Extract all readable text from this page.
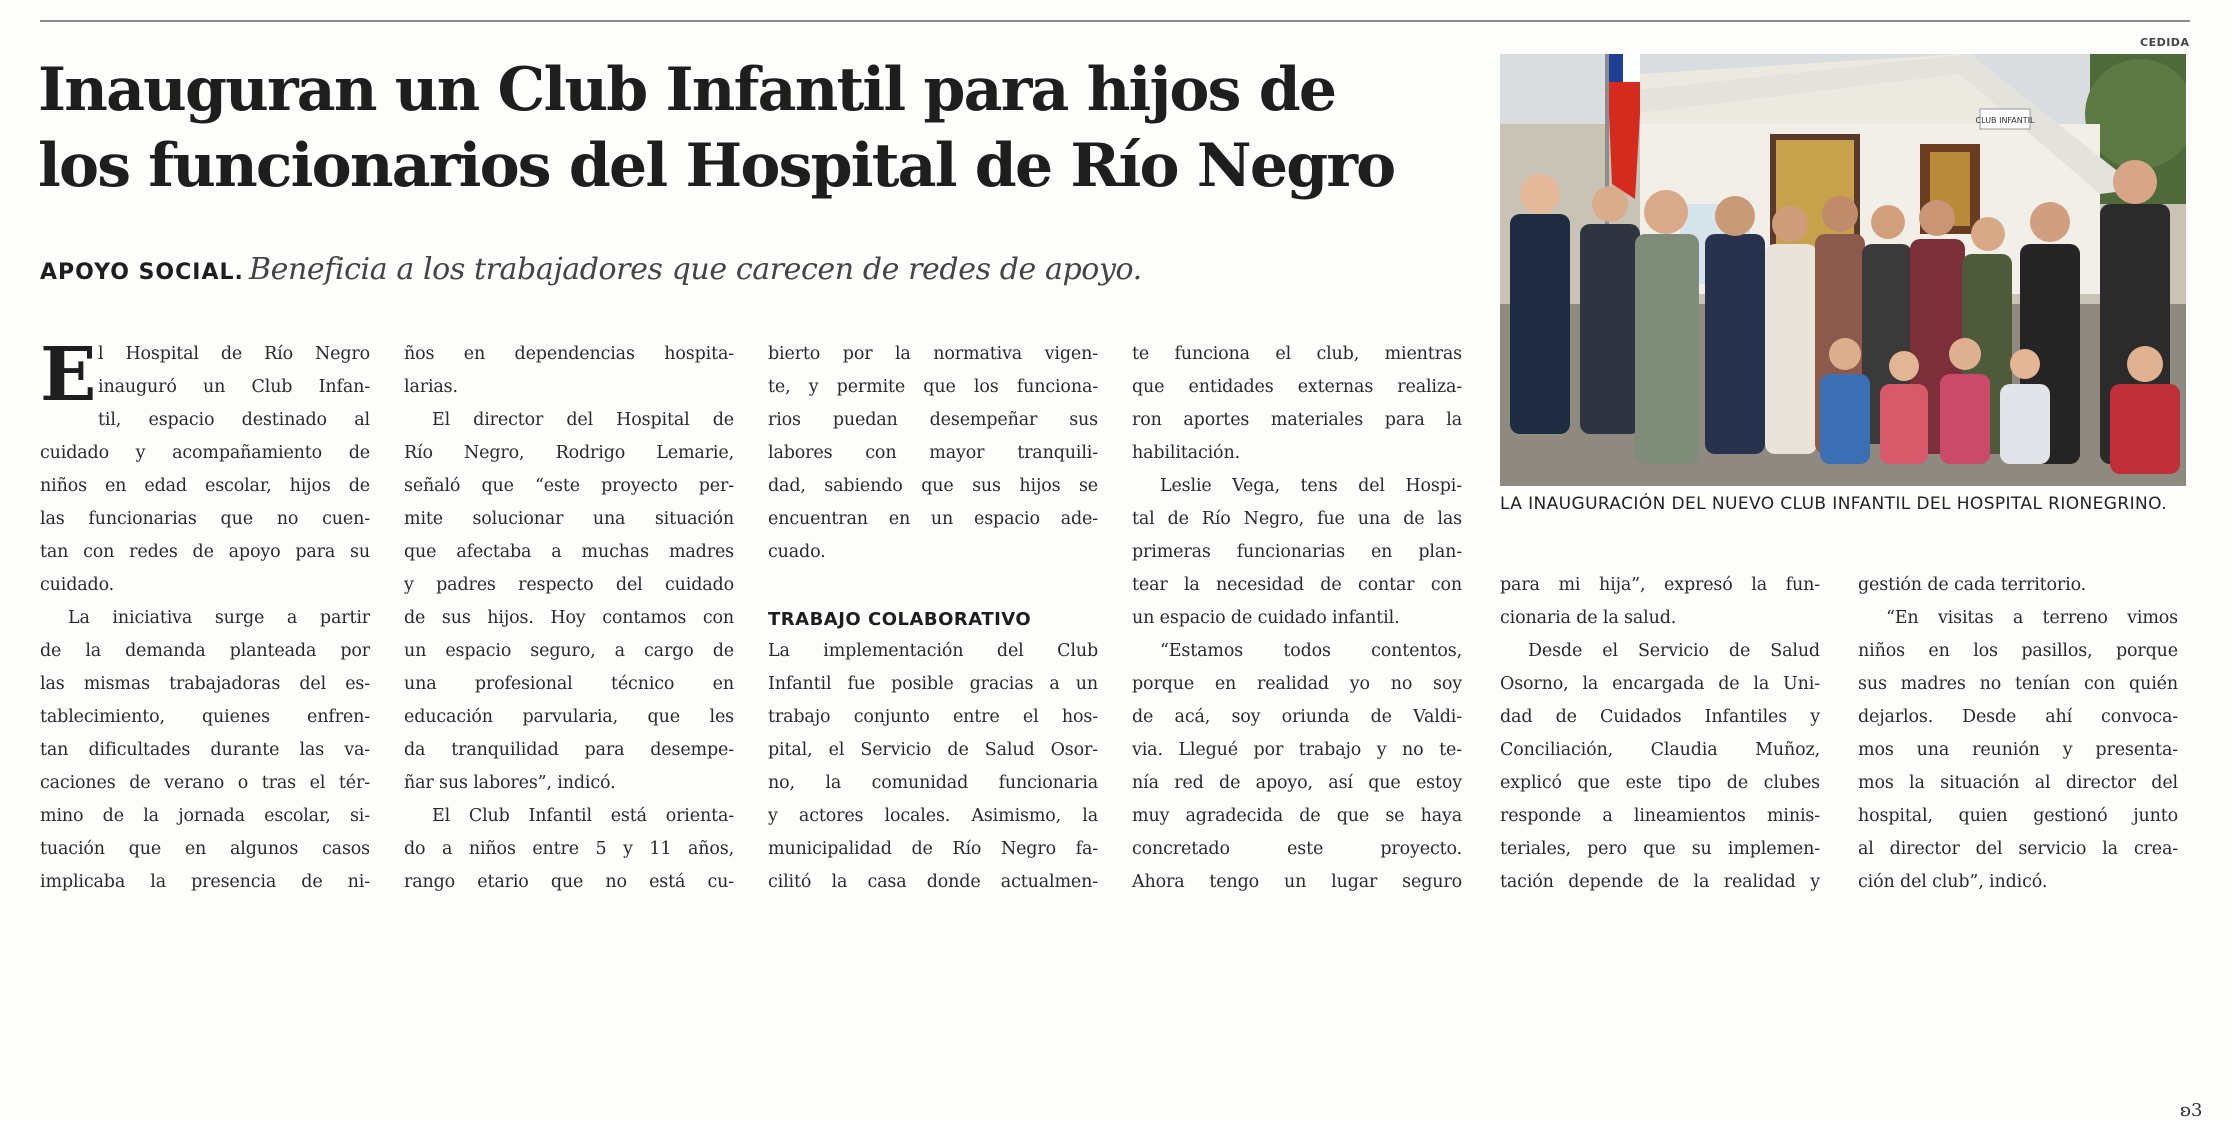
Inauguran un Club Infantil para hijos de
los funcionarios del Hospital de Río Negro
APOYO SOCIAL. Beneficia a los trabajadores que carecen de redes de apoyo.
E l Hospital de Río Negro
inauguró un Club Infan-
til, espacio destinado al
cuidado y acompañamiento de
niños en edad escolar, hijos de
las funcionarias que no cuen-
tan con redes de apoyo para su
cuidado.

La iniciativa surge a partir
de la demanda planteada por
las mismas trabajadoras del es-
tablecimiento, quienes enfren-
tan dificultades durante las va-
caciones de verano o tras el tér-
mino de la jornada escolar, si-
tuación que en algunos casos
implicaba la presencia de ni-

ños en dependencias hospita-
larias.

El director del Hospital de
Río Negro, Rodrigo Lemarie,
señaló que “este proyecto per-
mite solucionar una situación
que afectaba a muchas madres
y padres respecto del cuidado
de sus hijos. Hoy contamos con
un espacio seguro, a cargo de
una profesional técnico en
educación parvularia, que les
da tranquilidad para desempe-
ñar sus labores”, indicó.

El Club Infantil está orienta-
do a niños entre 5 y 11 años,
rango etario que no está cu-

bierto por la normativa vigen-
te, y permite que los funciona-
rios puedan desempeñar sus
labores con mayor tranquili-
dad, sabiendo que sus hijos se
encuentran en un espacio ade-
cuado.

TRABAJO COLABORATIVO

La implementación del Club
Infantil fue posible gracias a un
trabajo conjunto entre el hos-
pital, el Servicio de Salud Osor-
no, la comunidad funcionaria
y actores locales. Asimismo, la
municipalidad de Río Negro fa-
cilitó la casa donde actualmen-

te funciona el club, mientras
que entidades externas realiza-
ron aportes materiales para la
habilitación.

Leslie Vega, tens del Hospi-
tal de Río Negro, fue una de las
primeras funcionarias en plan-
tear la necesidad de contar con
un espacio de cuidado infantil.

“Estamos todos contentos,
porque en realidad yo no soy
de acá, soy oriunda de Valdi-
via. Llegué por trabajo y no te-
nía red de apoyo, así que estoy
muy agradecida de que se haya
concretado este proyecto.
Ahora tengo un lugar seguro

para mi hija”, expresó la fun-
cionaria de la salud.

Desde el Servicio de Salud
Osorno, la encargada de la Uni-
dad de Cuidados Infantiles y
Conciliación, Claudia Muñoz,
explicó que este tipo de clubes
responde a lineamientos minis-
teriales, pero que su implemen-
tación depende de la realidad y

gestión de cada territorio.

“En visitas a terreno vimos
niños en los pasillos, porque
sus madres no tenían con quién
dejarlos. Desde ahí convoca-
mos una reunión y presenta-
mos la situación al director del
hospital, quien gestionó junto
al director del servicio la crea-
ción del club”, indicó.

ʚ3
CEDIDA
CLUB INFANTIL
LA INAUGURACIÓN DEL NUEVO CLUB INFANTIL DEL HOSPITAL RIONEGRINO.
